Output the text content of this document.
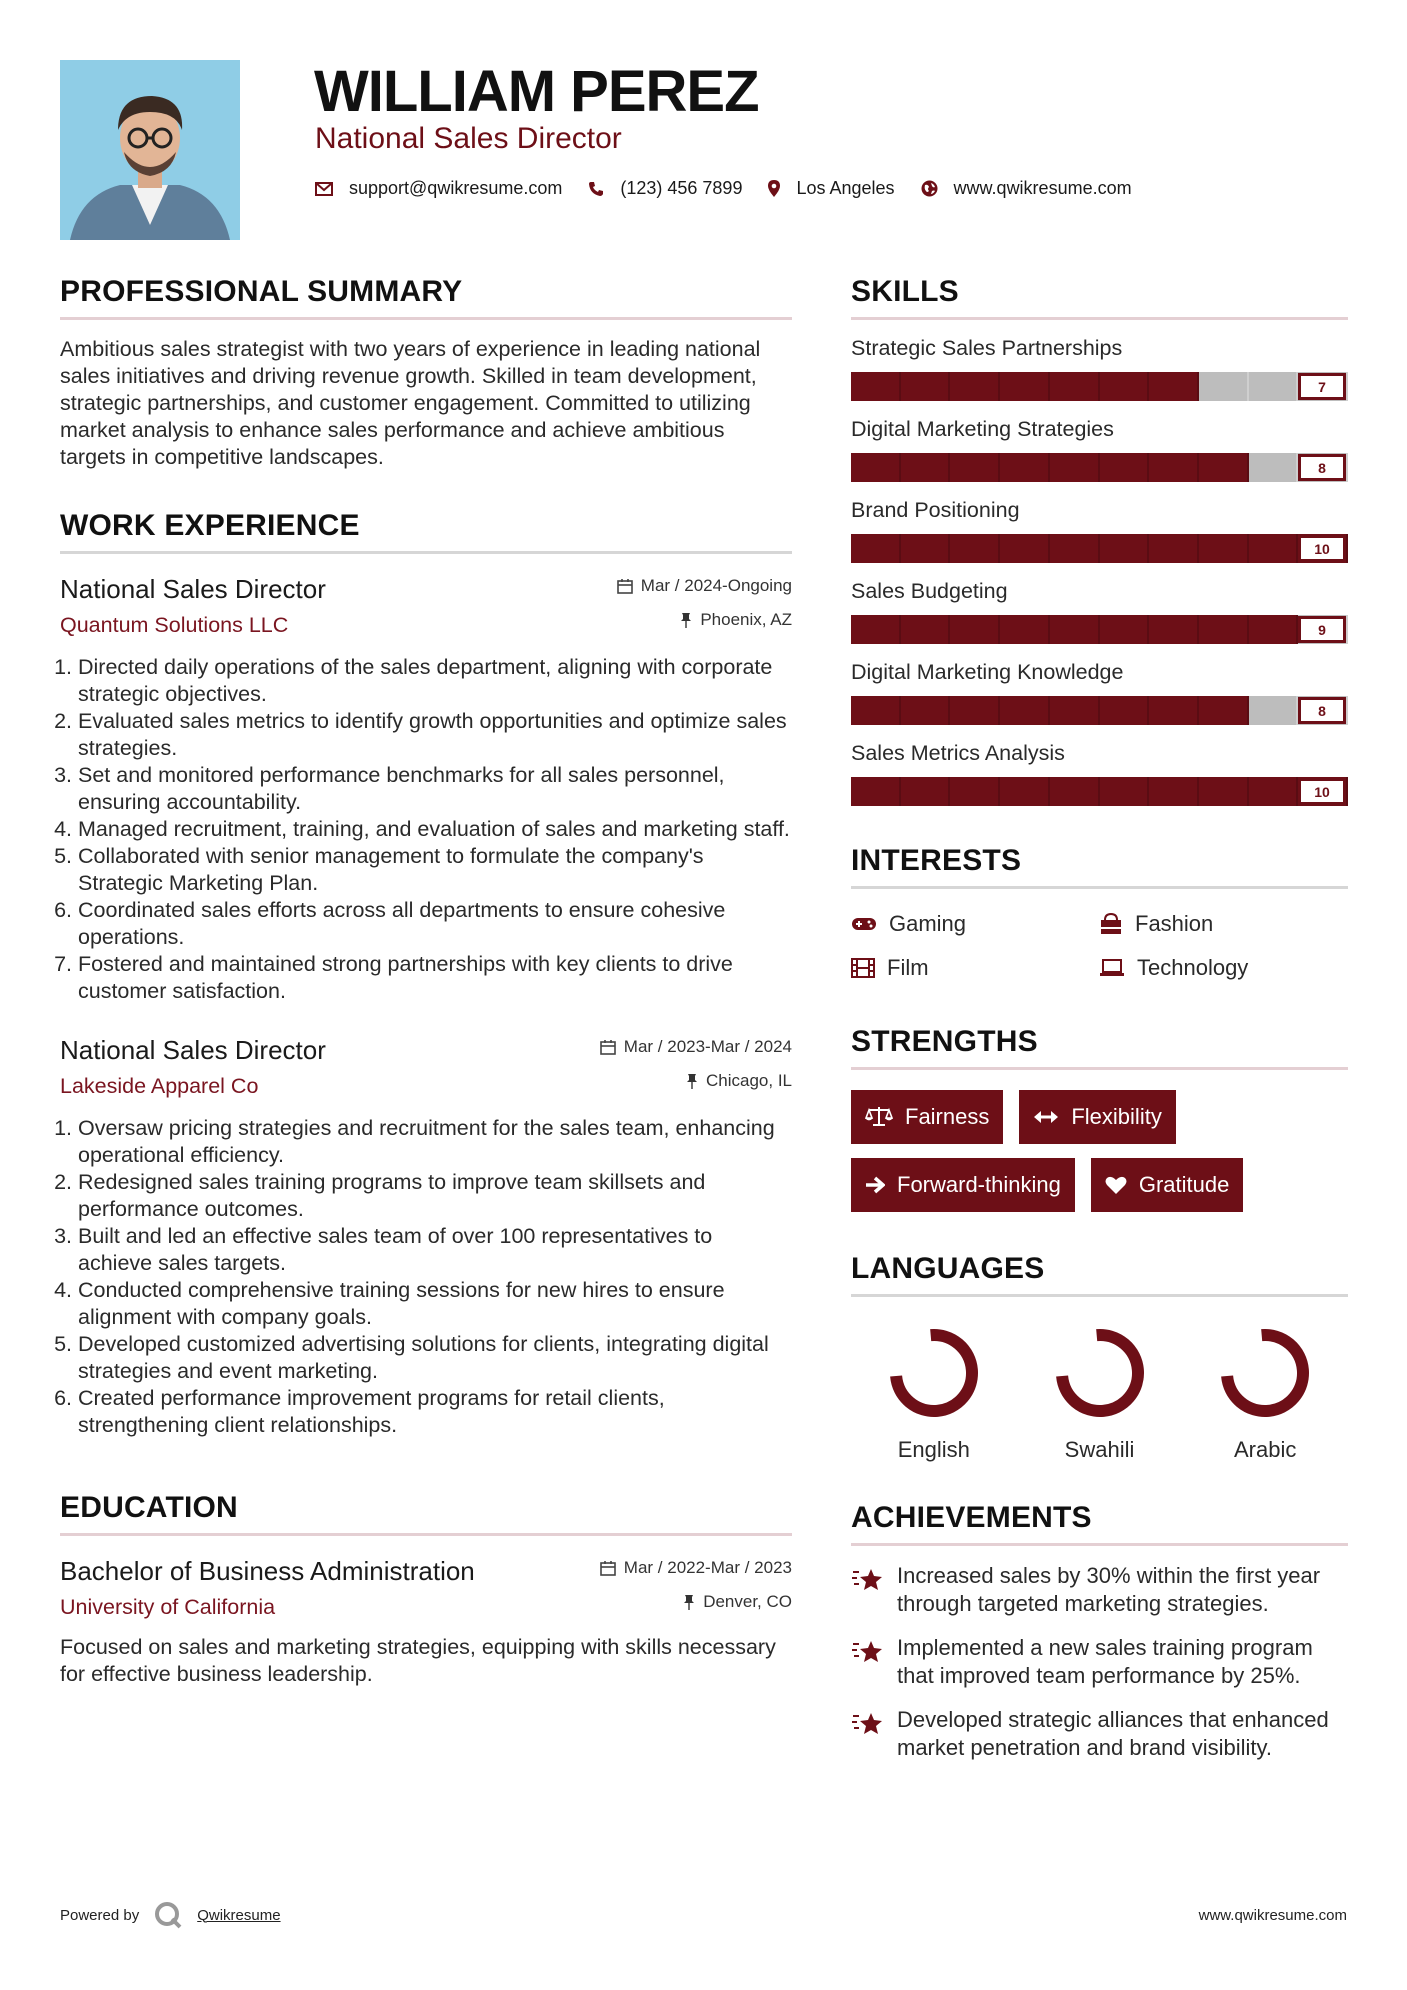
WILLIAM PEREZ
National Sales Director
support@qwikresume.com	(123) 456 7899	Los Angeles	www.qwikresume.com
PROFESSIONAL SUMMARY

Ambitious sales strategist with two years of experience in leading national sales initiatives and driving revenue growth. Skilled in team development, strategic partnerships, and customer engagement. Committed to utilizing market analysis to enhance sales performance and achieve ambitious targets in competitive landscapes.

WORK EXPERIENCE
National Sales Director
Quantum Solutions LLC
Mar / 2024-Ongoing
Phoenix, AZ
1. Directed daily operations of the sales department, aligning with corporate strategic objectives.
2. Evaluated sales metrics to identify growth opportunities and optimize sales strategies.
3. Set and monitored performance benchmarks for all sales personnel, ensuring accountability.
4. Managed recruitment, training, and evaluation of sales and marketing staff.
5. Collaborated with senior management to formulate the company's Strategic Marketing Plan.
6. Coordinated sales efforts across all departments to ensure cohesive operations.
7. Fostered and maintained strong partnerships with key clients to drive customer satisfaction.
National Sales Director
Lakeside Apparel Co
Mar / 2023-Mar / 2024
Chicago, IL
1. Oversaw pricing strategies and recruitment for the sales team, enhancing operational efficiency.
2. Redesigned sales training programs to improve team skillsets and performance outcomes.
3. Built and led an effective sales team of over 100 representatives to achieve sales targets.
4. Conducted comprehensive training sessions for new hires to ensure alignment with company goals.
5. Developed customized advertising solutions for clients, integrating digital strategies and event marketing.
6. Created performance improvement programs for retail clients, strengthening client relationships.
EDUCATION
Bachelor of Business Administration
University of California
Mar / 2022-Mar / 2023
Denver, CO

Focused on sales and marketing strategies, equipping with skills necessary for effective business leadership.

SKILLS
Strategic Sales Partnerships
7
Digital Marketing Strategies
8
Brand Positioning
10
Sales Budgeting
9
Digital Marketing Knowledge
8
Sales Metrics Analysis
10
INTERESTS
Gaming	Fashion
Film	Technology
STRENGTHS
Fairness	Flexibility
Forward-thinking	Gratitude
LANGUAGES
English	Swahili	Arabic
ACHIEVEMENTS
Increased sales by 30% within the first year through targeted marketing strategies.
Implemented a new sales training program that improved team performance by 25%.
Developed strategic alliances that enhanced market penetration and brand visibility.
Powered by	Qwikresume	www.qwikresume.com
